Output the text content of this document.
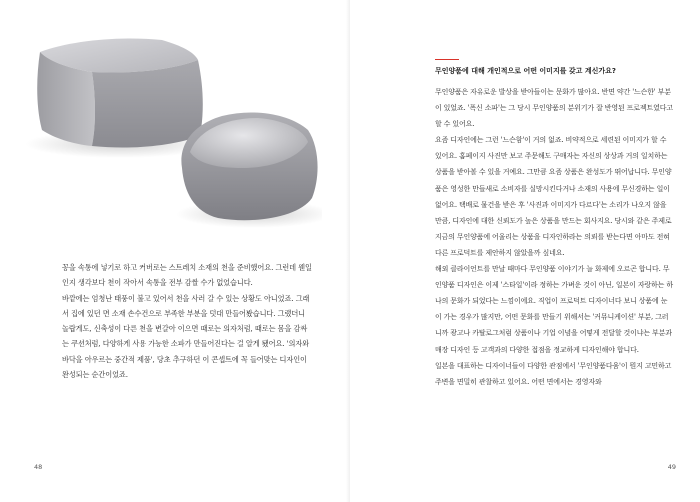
꽁을 속통에 넣기로 하고 커버로는 스트레치 소재의 천을 준비했어요. 그런데 웬일인지 생각보다 천이 작아서 속통을 전부 감쌀 수가 없었습니다.

바깥에는 엄청난 태풍이 불고 있어서 천을 사러 갈 수 있는 상황도 아니었죠. 그래서 집에 있던 면 소재 손수건으로 부족한 부분을 덧대 만들어봤습니다. 그랬더니 놀랍게도, 신축성이 다른 천을 변갈아 이으면 때로는 의자처럼, 때로는 몸을 감싸는 쿠션처럼, 다양하게 사용 가능한 소파가 만들어진다는 걸 알게 됐어요. '의자와 바닥을 아우르는 중간적 제품', 당초 추구하던 이 콘셉트에 꼭 들어맞는 디자인이 완성되는 순간이었죠.

48
무인양품에 대해 개인적으로 어떤 이미지를 갖고 계신가요?

무인양품은 자유로운 발상을 받아들이는 문화가 많아요. 반면 약간 '느슨한' 부분이 있었죠. '폭신 소파'는 그 당시 무인양품의 분위기가 잘 반영된 프로젝트였다고 할 수 있어요.

요즘 디자인에는 그런 '느슨함'이 거의 없죠. 비약적으로 세련된 이미지가 할 수 있어요. 홈페이지 사진만 보고 주문해도 구매자는 자신의 상상과 거의 일치하는 상품을 받아볼 수 있을 거예요. 그만큼 요즘 상품은 완성도가 뛰어납니다. 무인양품은 영성한 만들새로 소비자를 실망시킨다거나 소재의 사용에 무신경하는 일이 없어요. 택배로 물건을 받은 후 '사진과 이미지가 다르다'는 소리가 나오지 않을 만큼, 디자인에 대한 신뢰도가 높은 상품을 만드는 회사지요. 당시와 같은 주제로 지금의 무인양품에 어울리는 상품을 디자인하라는 의뢰를 받는다면 아마도 전혀 다른 프로덕트를 제안하지 않았을까 싶네요.

해외 클라이언트를 만날 때마다 무인양품 이야기가 늘 화제에 오르곤 합니다. 무인양품 디자인은 이제 '스타일'이라 정하는 가벼운 것이 아닌, 일본이 자랑하는 하나의 문화가 되었다는 느낌이에요. 직업이 프로덕트 디자이너다 보니 상품에 눈이 가는 경우가 많지만, 어떤 문화를 만들기 위해서는 '커뮤니케이션' 부분, 그러니까 광고나 카탈로그처럼 상품이나 기업 이념을 어떻게 전달할 것이냐는 부분과 매장 디자인 등 고객과의 다양한 접점을 정교하게 디자인해야 합니다.

일본을 대표하는 디자이너들이 다양한 관점에서 '무인양품다움'이 뭔지 고민하고 주변을 면밀히 관찰하고 있어요. 어떤 면에서는 경영자와

49
